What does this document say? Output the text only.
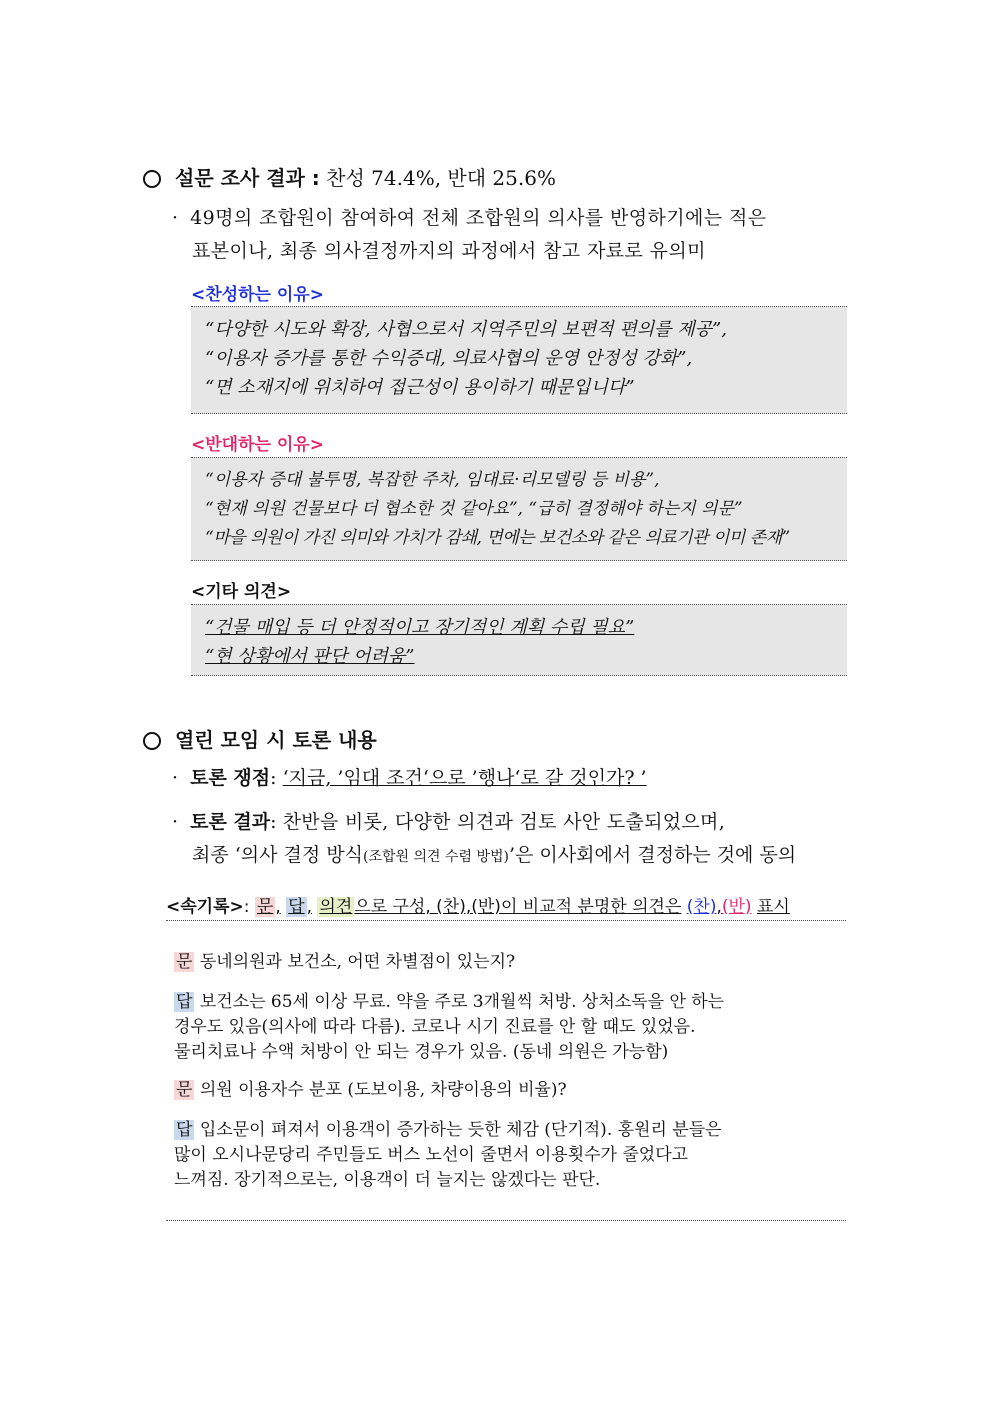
설문 조사 결과 : 찬성 74.4%, 반대 25.6%
· 49명의 조합원이 참여하여 전체 조합원의 의사를 반영하기에는 적은
표본이나, 최종 의사결정까지의 과정에서 참고 자료로 유의미
<찬성하는 이유>
“다양한 시도와 확장, 사협으로서 지역주민의 보편적 편의를 제공”,
“이용자 증가를 통한 수익증대, 의료사협의 운영 안정성 강화”,
“면 소재지에 위치하여 접근성이 용이하기 때문입니다”
<반대하는 이유>
“이용자 증대 불투명, 복잡한 주차, 임대료·리모델링 등 비용”,
“현재 의원 건물보다 더 협소한 것 같아요”, “급히 결정해야 하는지 의문”
“마을 의원이 가진 의미와 가치가 감쇄, 면에는 보건소와 같은 의료기관 이미 존재”
<기타 의견>
“건물 매입 등 더 안정적이고 장기적인 계획 수립 필요”
“현 상황에서 판단 어려움”
열린 모임 시 토론 내용
· 토론 쟁점: ‘지금, ’임대 조건‘으로 ’행나‘로 갈 것인가? ’
· 토론 결과: 찬반을 비롯, 다양한 의견과 검토 사안 도출되었으며,
최종 ‘의사 결정 방식(조합원 의견 수렴 방법)’은 이사회에서 결정하는 것에 동의
<속기록>: 문 , 답 , 의견 으로 구성, (찬),(반)이 비교적 분명한 의견은 (찬),(반) 표시
문 동네의원과 보건소, 어떤 차별점이 있는지?
답 보건소는 65세 이상 무료. 약을 주로 3개월씩 처방. 상처소독을 안 하는
경우도 있음(의사에 따라 다름). 코로나 시기 진료를 안 할 때도 있었음.
물리치료나 수액 처방이 안 되는 경우가 있음. (동네 의원은 가능함)
문 의원 이용자수 분포 (도보이용, 차량이용의 비율)?
답 입소문이 펴져서 이용객이 증가하는 듯한 체감 (단기적). 홍원리 분들은
많이 오시나문당리 주민들도 버스 노선이 줄면서 이용횟수가 줄었다고
느껴짐. 장기적으로는, 이용객이 더 늘지는 않겠다는 판단.
